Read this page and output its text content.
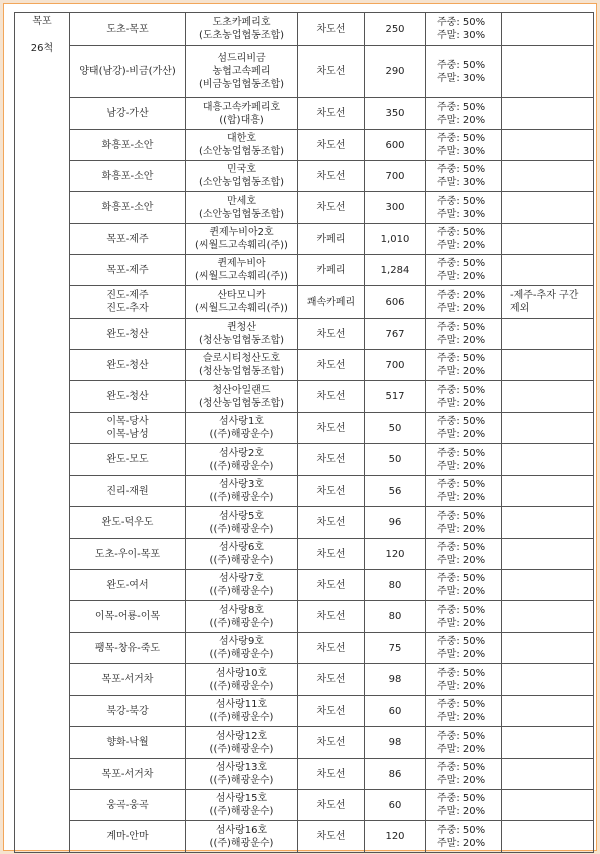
목포
26척	도초-목포	도초카페리호
(도초농업협동조합)	차도선	250	주중: 50%
주말: 30%	

	양태(남강)-비금(가산)	섬드리비금
농협고속페리
(비금농업협동조합)	차도선	290	주중: 50%
주말: 30%	

	남강-가산	대흥고속카페리호
((합)대흥)	차도선	350	주중: 50%
주말: 20%	

	화흥포-소안	대한호
(소안농업협동조합)	차도선	600	주중: 50%
주말: 30%	

	화흥포-소안	민국호
(소안농업협동조합)	차도선	700	주중: 50%
주말: 30%	

	화흥포-소안	만세호
(소안농업협동조합)	차도선	300	주중: 50%
주말: 30%	

	목포-제주	퀸제누비아2호
(씨월드고속훼리(주))	카페리	1,010	주중: 50%
주말: 20%	

	목포-제주	퀸제누비아
(씨월드고속훼리(주))	카페리	1,284	주중: 50%
주말: 20%	

	진도-제주
진도-추자	산타모니카
(씨월드고속훼리(주))	쾌속카페리	606	주중: 20%
주말: 20%	-제주-추자 구간
제외

	완도-청산	퀸청산
(청산농업협동조합)	차도선	767	주중: 50%
주말: 20%	

	완도-청산	슬로시티청산도호
(청산농업협동조합)	차도선	700	주중: 50%
주말: 20%	

	완도-청산	청산아일랜드
(청산농업협동조합)	차도선	517	주중: 50%
주말: 20%	

	이목-당사
이목-남성	섬사랑1호
((주)해광운수)	차도선	50	주중: 50%
주말: 20%	

	완도-모도	섬사랑2호
((주)해광운수)	차도선	50	주중: 50%
주말: 20%	

	진리-재원	섬사랑3호
((주)해광운수)	차도선	56	주중: 50%
주말: 20%	

	완도-덕우도	섬사랑5호
((주)해광운수)	차도선	96	주중: 50%
주말: 20%	

	도초-우이-목포	섬사랑6호
((주)해광운수)	차도선	120	주중: 50%
주말: 20%	

	완도-여서	섬사랑7호
((주)해광운수)	차도선	80	주중: 50%
주말: 20%	

	이목-어룡-이목	섬사랑8호
((주)해광운수)	차도선	80	주중: 50%
주말: 20%	

	팽목-창유-죽도	섬사랑9호
((주)해광운수)	차도선	75	주중: 50%
주말: 20%	

	목포-서거차	섬사랑10호
((주)해광운수)	차도선	98	주중: 50%
주말: 20%	

	북강-북강	섬사랑11호
((주)해광운수)	차도선	60	주중: 50%
주말: 20%	

	향화-낙월	섬사랑12호
((주)해광운수)	차도선	98	주중: 50%
주말: 20%	

	목포-서거차	섬사랑13호
((주)해광운수)	차도선	86	주중: 50%
주말: 20%	

	웅곡-웅곡	섬사랑15호
((주)해광운수)	차도선	60	주중: 50%
주말: 20%	

	계마-안마	섬사랑16호
((주)해광운수)	차도선	120	주중: 50%
주말: 20%	
